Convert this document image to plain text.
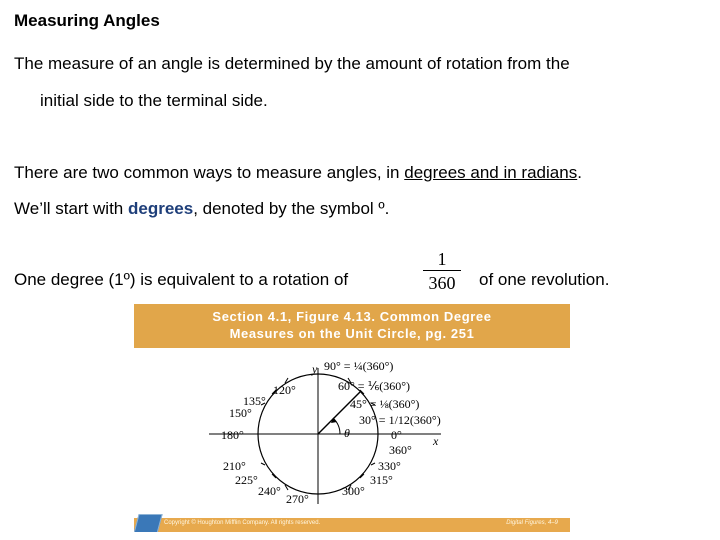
Measuring Angles
The measure of an angle is determined by the amount of rotation from the
initial side to the terminal side.
There are two common ways to measure angles, in degrees and in radians.
We’ll start with degrees, denoted by the symbol º.
One degree (1º) is equivalent to a rotation of
1
360	of one revolution.
Section 4.1, Figure 4.13. Common Degree
Measures on the Unit Circle, pg. 251
y
x
θ
90° = ¼(360°)
60° = ⅙(360°)
45° = ⅛(360°)
30° = 1/12(360°)
0°
360°
120°
135°
150°
180°
210°
225°
240°
270°
300°
315°
330°
Copyright © Houghton Mifflin Company. All rights reserved.	Digital Figures, 4–9
